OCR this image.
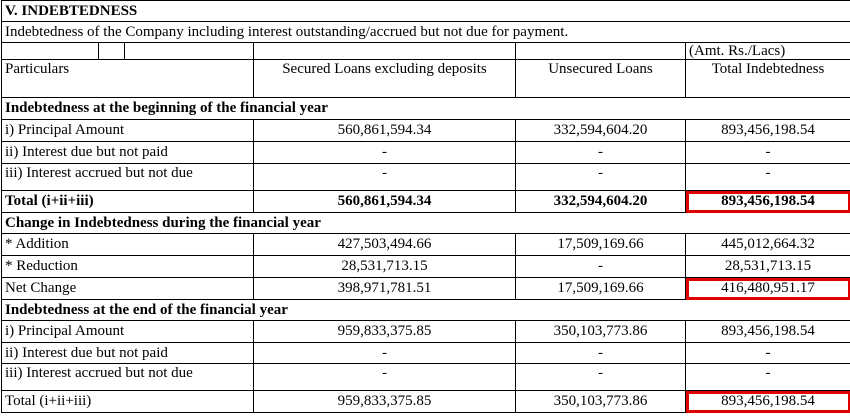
V. INDEBTEDNESS					
Indebtedness of the Company including interest outstanding/accrued but not due for payment.					
					(Amt. Rs./Lacs)
Particulars			Secured Loans excluding deposits	Unsecured Loans	Total Indebtedness
Indebtedness at the beginning of the financial year					
i) Principal Amount			560,861,594.34	332,594,604.20	893,456,198.54
ii) Interest due but not paid			-	-	-
iii) Interest accrued but not due			-	-	-
Total (i+ii+iii)			560,861,594.34	332,594,604.20	893,456,198.54
Change in Indebtedness during the financial year					
* Addition			427,503,494.66	17,509,169.66	445,012,664.32
* Reduction			28,531,713.15	-	28,531,713.15
Net Change			398,971,781.51	17,509,169.66	416,480,951.17
Indebtedness at the end of the financial year					
i) Principal Amount			959,833,375.85	350,103,773.86	893,456,198.54
ii) Interest due but not paid			-	-	-
iii) Interest accrued but not due			-	-	-
Total (i+ii+iii)			959,833,375.85	350,103,773.86	893,456,198.54
